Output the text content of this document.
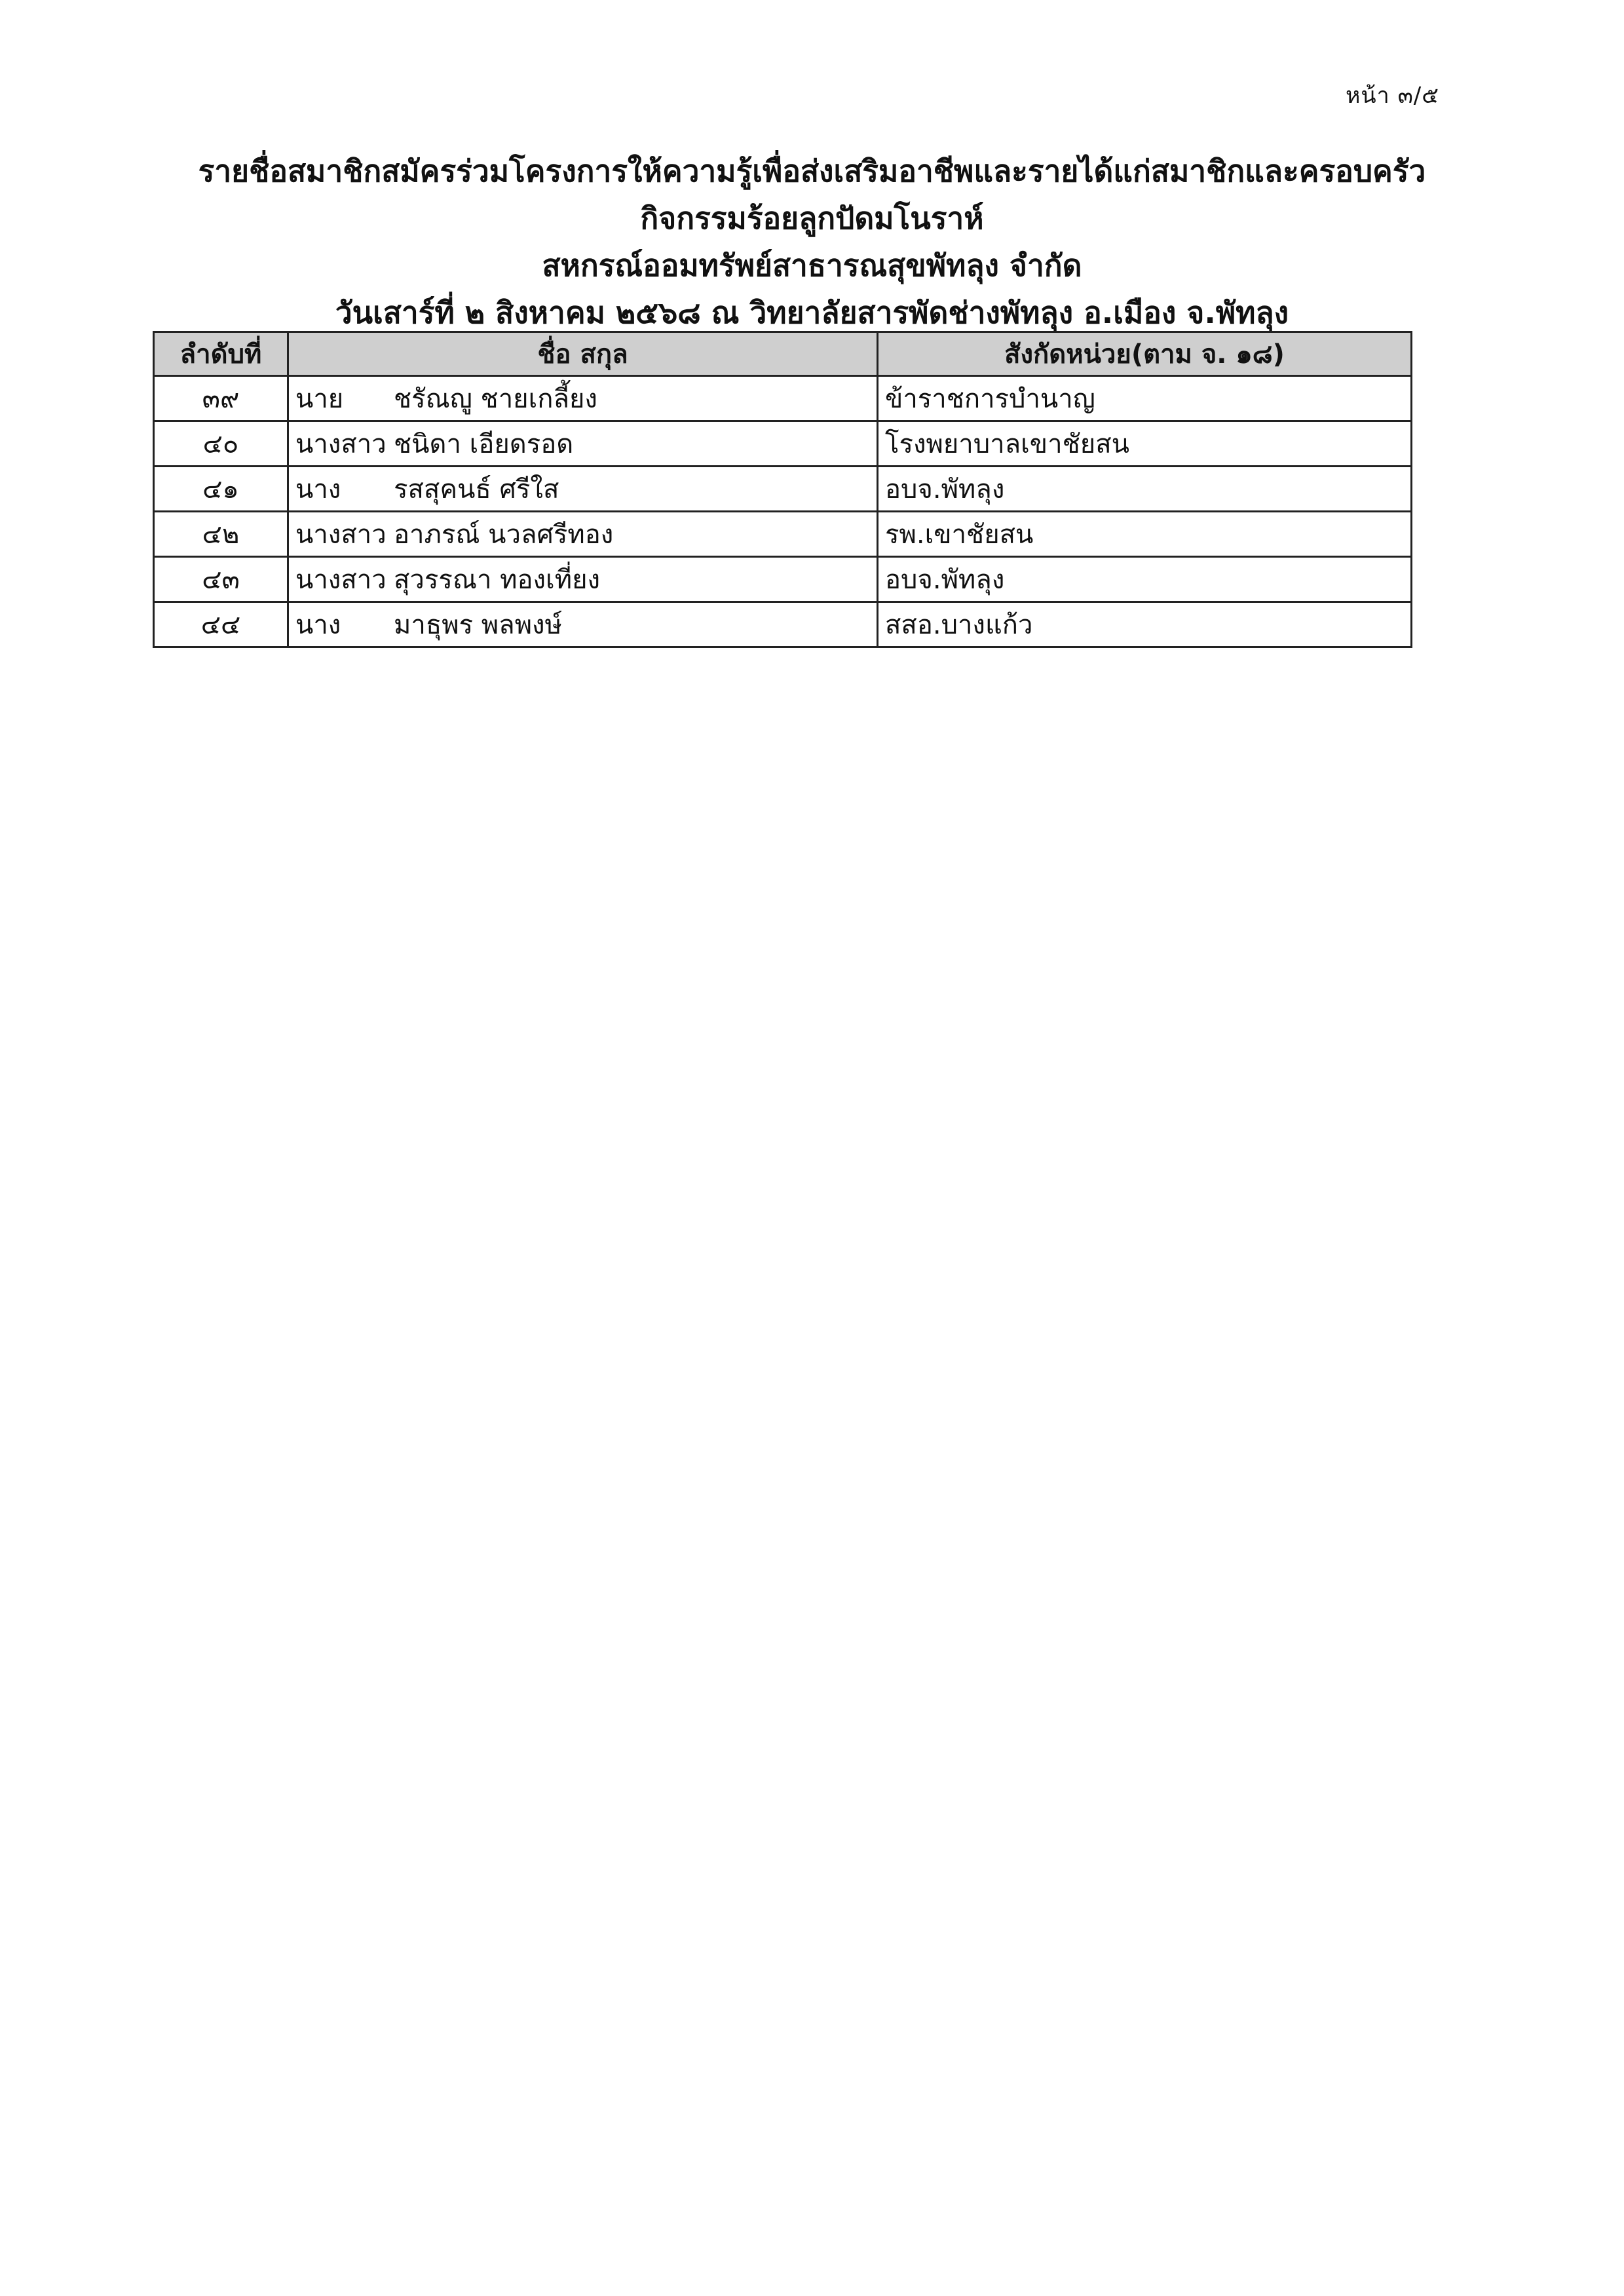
หน้า ๓/๕
รายชื่อสมาชิกสมัครร่วมโครงการให้ความรู้เพื่อส่งเสริมอาชีพและรายได้แก่สมาชิกและครอบครัว
กิจกรรมร้อยลูกปัดมโนราห์
สหกรณ์ออมทรัพย์สาธารณสุขพัทลุง จำกัด
วันเสาร์ที่ ๒ สิงหาคม ๒๕๖๘ ณ วิทยาลัยสารพัดช่างพัทลุง อ.เมือง จ.พัทลุง
ลำดับที่	ชื่อ สกุล	สังกัดหน่วย(ตาม จ. ๑๘)
๓๙	นาย ชรัณญู ชายเกลี้ยง	ข้าราชการบำนาญ
๔๐	นางสาว ชนิดา เอียดรอด	โรงพยาบาลเขาชัยสน
๔๑	นาง รสสุคนธ์ ศรีใส	อบจ.พัทลุง
๔๒	นางสาว อาภรณ์ นวลศรีทอง	รพ.เขาชัยสน
๔๓	นางสาว สุวรรณา ทองเที่ยง	อบจ.พัทลุง
๔๔	นาง มาธุพร พลพงษ์	สสอ.บางแก้ว
